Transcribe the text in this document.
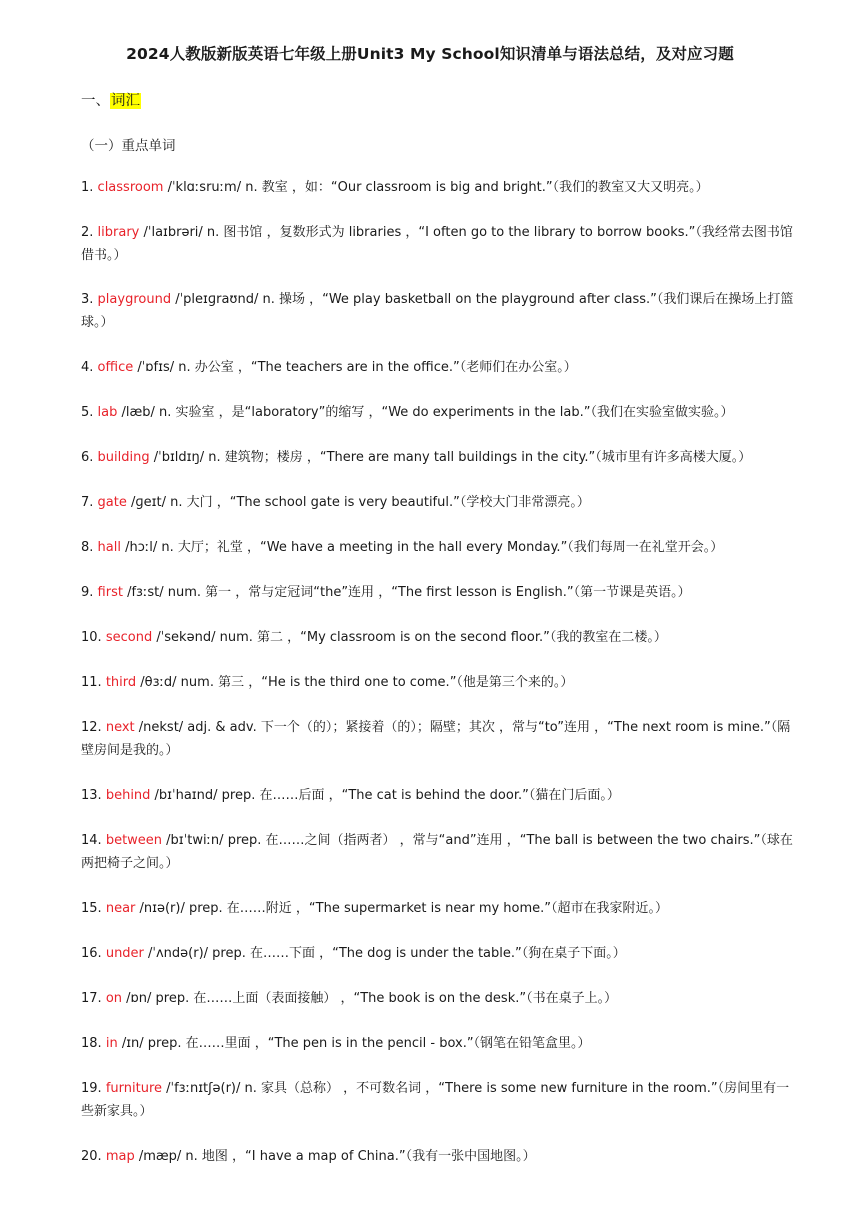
2024人教版新版英语七年级上册Unit3 My School知识清单与语法总结，及对应习题
一、词汇
（一）重点单词
1. classroom /ˈklɑːsruːm/ n. 教室 ，如：“Our classroom is big and bright.”（我们的教室又大又明亮。）
2. library /ˈlaɪbrəri/ n. 图书馆 ，复数形式为 libraries ，“I often go to the library to borrow books.”（我经常去图书馆借书。）
3. playground /ˈpleɪɡraʊnd/ n. 操场 ，“We play basketball on the playground after class.”（我们课后在操场上打篮球。）
4. office /ˈɒfɪs/ n. 办公室 ，“The teachers are in the office.”（老师们在办公室。）
5. lab /læb/ n. 实验室 ，是“laboratory”的缩写 ，“We do experiments in the lab.”（我们在实验室做实验。）
6. building /ˈbɪldɪŋ/ n. 建筑物；楼房 ，“There are many tall buildings in the city.”（城市里有许多高楼大厦。）
7. gate /ɡeɪt/ n. 大门 ，“The school gate is very beautiful.”（学校大门非常漂亮。）
8. hall /hɔːl/ n. 大厅；礼堂 ，“We have a meeting in the hall every Monday.”（我们每周一在礼堂开会。）
9. first /fɜːst/ num. 第一 ，常与定冠词“the”连用 ，“The first lesson is English.”（第一节课是英语。）
10. second /ˈsekənd/ num. 第二 ，“My classroom is on the second floor.”（我的教室在二楼。）
11. third /θɜːd/ num. 第三 ，“He is the third one to come.”（他是第三个来的。）
12. next /nekst/ adj. & adv. 下一个（的）；紧接着（的）；隔壁；其次 ，常与“to”连用 ，“The next room is mine.”（隔壁房间是我的。）
13. behind /bɪˈhaɪnd/ prep. 在……后面 ，“The cat is behind the door.”（猫在门后面。）
14. between /bɪˈtwiːn/ prep. 在……之间（指两者） ，常与“and”连用 ，“The ball is between the two chairs.”（球在两把椅子之间。）
15. near /nɪə(r)/ prep. 在……附近 ，“The supermarket is near my home.”（超市在我家附近。）
16. under /ˈʌndə(r)/ prep. 在……下面 ，“The dog is under the table.”（狗在桌子下面。）
17. on /ɒn/ prep. 在……上面（表面接触） ，“The book is on the desk.”（书在桌子上。）
18. in /ɪn/ prep. 在……里面 ，“The pen is in the pencil - box.”（钢笔在铅笔盒里。）
19. furniture /ˈfɜːnɪtʃə(r)/ n. 家具（总称） ，不可数名词 ，“There is some new furniture in the room.”（房间里有一些新家具。）
20. map /mæp/ n. 地图 ，“I have a map of China.”（我有一张中国地图。）
